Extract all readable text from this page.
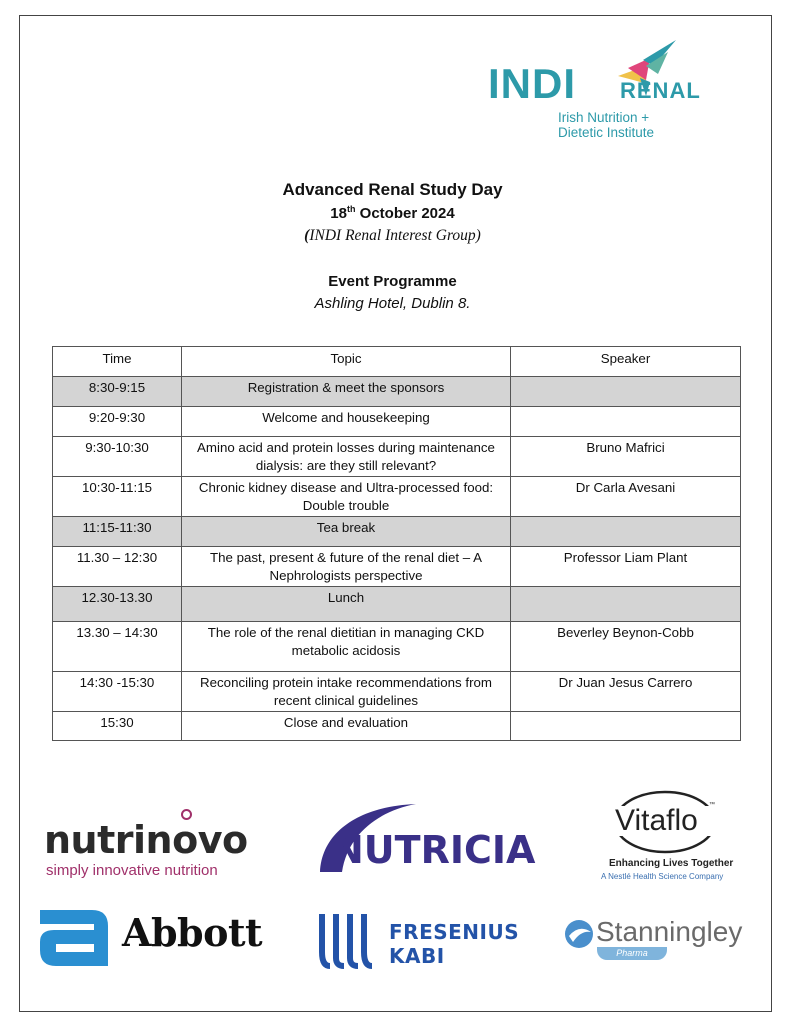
INDI RENAL
Irish Nutrition +
Dietetic Institute
Advanced Renal Study Day
18th October 2024
(INDI Renal Interest Group)
Event Programme
Ashling Hotel, Dublin 8.
Time	Topic	Speaker
8:30-9:15	Registration & meet the sponsors	
9:20-9:30	Welcome and housekeeping	
9:30-10:30	Amino acid and protein losses during maintenance dialysis: are they still relevant?	Bruno Mafrici
10:30-11:15	Chronic kidney disease and Ultra-processed food: Double trouble	Dr Carla Avesani
11:15-11:30	Tea break	
11.30 – 12:30	The past, present & future of the renal diet – A Nephrologists perspective	Professor Liam Plant
12.30-13.30	Lunch	
13.30 – 14:30	The role of the renal dietitian in managing CKD metabolic acidosis	Beverley Beynon-Cobb
14:30 -15:30	Reconciling protein intake recommendations from recent clinical guidelines	Dr Juan Jesus Carrero
15:30	Close and evaluation	
nutrinovo
simply innovative nutrition	NUTRICIA
Vitaflo ™
Enhancing Lives Together
A Nestlé Health Science Company
Abbott	FRESENIUS
KABI
Stanningley
Pharma
